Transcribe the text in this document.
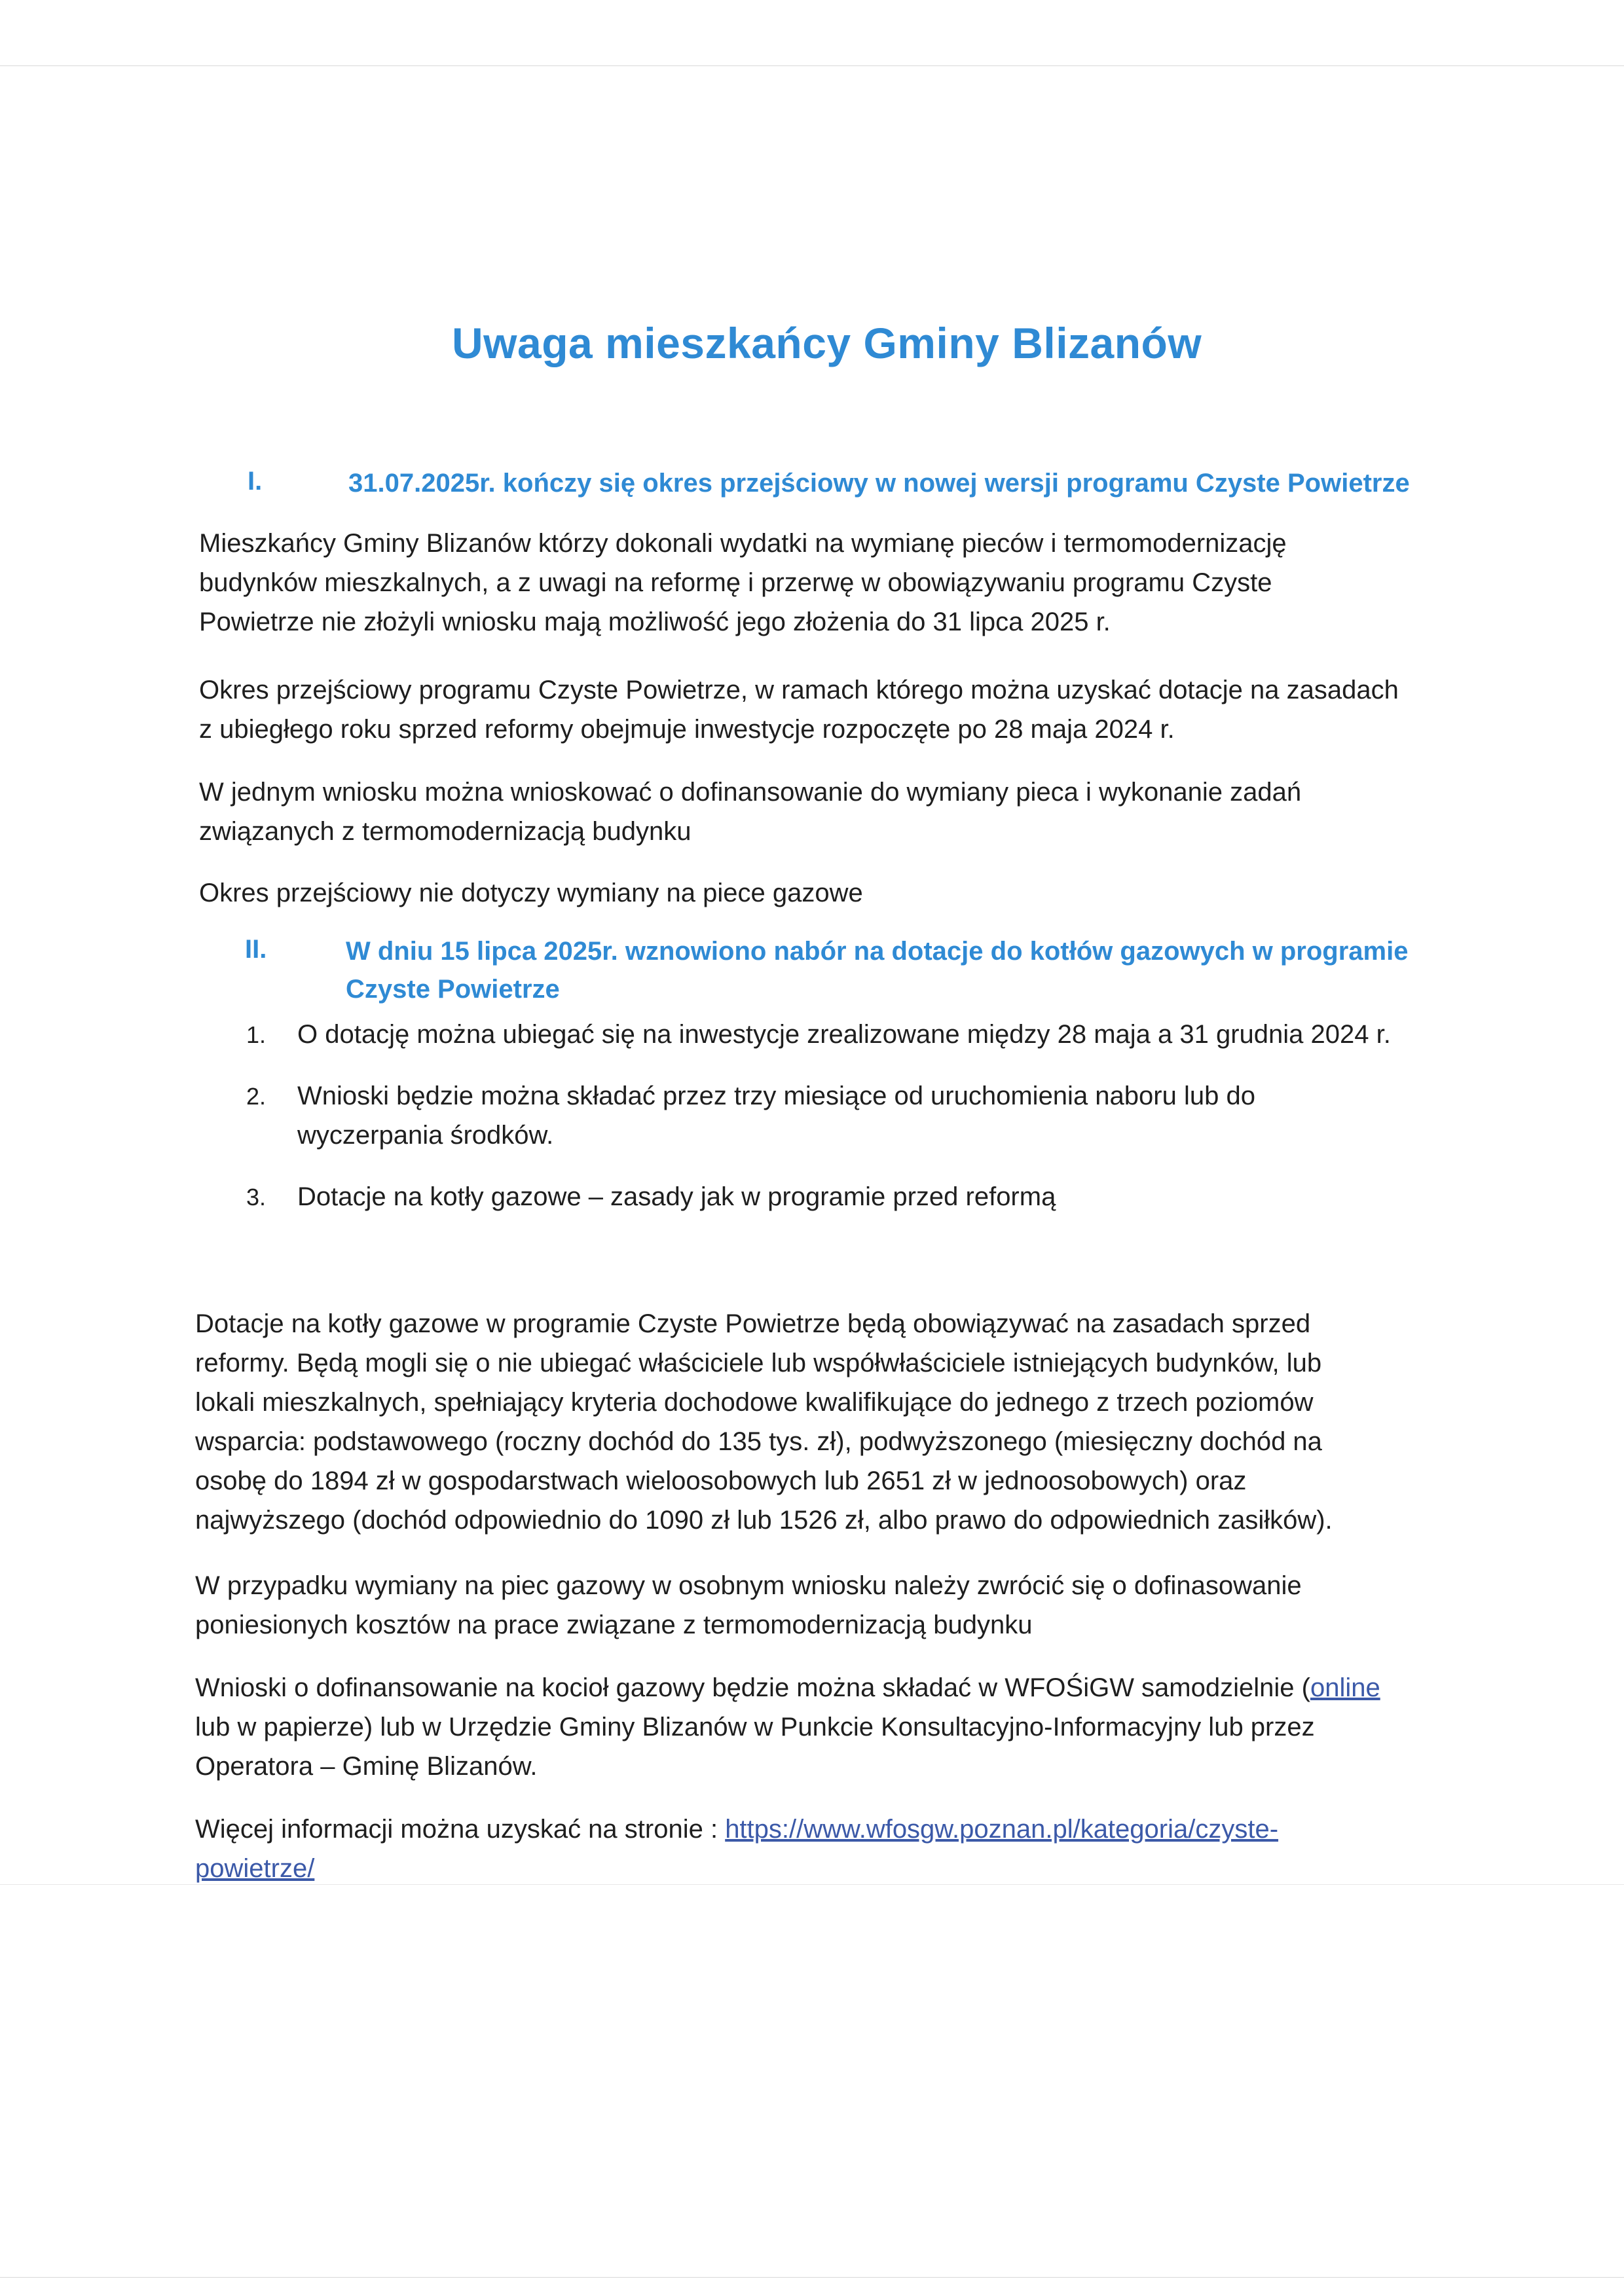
Uwaga mieszkańcy Gminy Blizanów
I.	31.07.2025r. kończy się okres przejściowy w nowej wersji programu Czyste Powietrze
Mieszkańcy Gminy Blizanów którzy dokonali wydatki na wymianę pieców i termomodernizację
budynków mieszkalnych, a z uwagi na reformę i przerwę w obowiązywaniu programu Czyste
Powietrze nie złożyli wniosku mają możliwość jego złożenia do 31 lipca 2025 r.
Okres przejściowy programu Czyste Powietrze, w ramach którego można uzyskać dotacje na zasadach
z ubiegłego roku sprzed reformy obejmuje inwestycje rozpoczęte po 28 maja 2024 r.
W jednym wniosku można wnioskować o dofinansowanie do wymiany pieca i wykonanie zadań
związanych z termomodernizacją budynku
Okres przejściowy nie dotyczy wymiany na piece gazowe
II.	W dniu 15 lipca 2025r. wznowiono nabór na dotacje do kotłów gazowych w programie
Czyste Powietrze
1. O dotację można ubiegać się na inwestycje zrealizowane między 28 maja a 31 grudnia 2024 r.
2. Wnioski będzie można składać przez trzy miesiące od uruchomienia naboru lub do
wyczerpania środków.
3. Dotacje na kotły gazowe – zasady jak w programie przed reformą
Dotacje na kotły gazowe w programie Czyste Powietrze będą obowiązywać na zasadach sprzed
reformy. Będą mogli się o nie ubiegać właściciele lub współwłaściciele istniejących budynków, lub
lokali mieszkalnych, spełniający kryteria dochodowe kwalifikujące do jednego z trzech poziomów
wsparcia: podstawowego (roczny dochód do 135 tys. zł), podwyższonego (miesięczny dochód na
osobę do 1894 zł w gospodarstwach wieloosobowych lub 2651 zł w jednoosobowych) oraz
najwyższego (dochód odpowiednio do 1090 zł lub 1526 zł, albo prawo do odpowiednich zasiłków).
W przypadku wymiany na piec gazowy w osobnym wniosku należy zwrócić się o dofinasowanie
poniesionych kosztów na prace związane z termomodernizacją budynku
Wnioski o dofinansowanie na kocioł gazowy będzie można składać w WFOŚiGW samodzielnie (online
lub w papierze) lub w Urzędzie Gminy Blizanów w Punkcie Konsultacyjno-Informacyjny lub przez
Operatora – Gminę Blizanów.
Więcej informacji można uzyskać na stronie : https://www.wfosgw.poznan.pl/kategoria/czyste-
powietrze/
